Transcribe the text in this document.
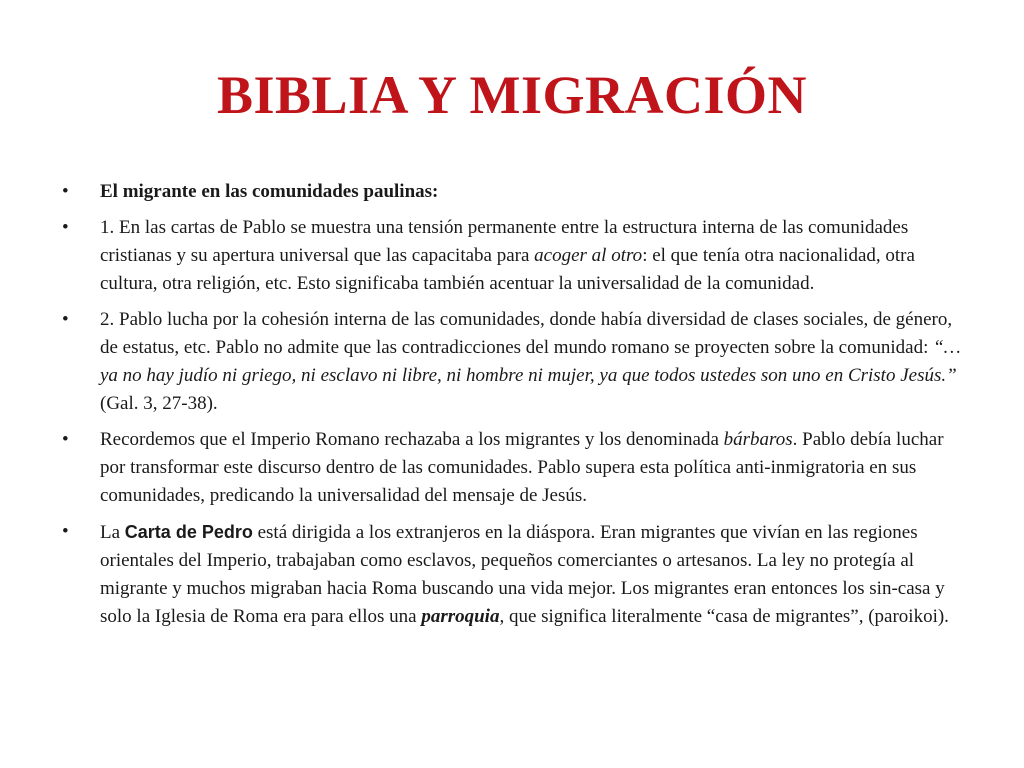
BIBLIA Y MIGRACIÓN
•	El migrante en las comunidades paulinas:
•	1. En las cartas de Pablo se muestra una tensión permanente entre la estructura interna de las comunidades cristianas y su apertura universal que las capacitaba para acoger al otro: el que tenía otra nacionalidad, otra cultura, otra religión, etc. Esto significaba también acentuar la universalidad de la comunidad.
•	2. Pablo lucha por la cohesión interna de las comunidades, donde había diversidad de clases sociales, de género, de estatus, etc. Pablo no admite que las contradicciones del mundo romano se proyecten sobre la comunidad: “… ya no hay judío ni griego, ni esclavo ni libre, ni hombre ni mujer, ya que todos ustedes son uno en Cristo Jesús.” (Gal. 3, 27-38).
•	Recordemos que el Imperio Romano rechazaba a los migrantes y los denominada bárbaros. Pablo debía luchar por transformar este discurso dentro de las comunidades. Pablo supera esta política anti-inmigratoria en sus comunidades, predicando la universalidad del mensaje de Jesús.
•	La Carta de Pedro está dirigida a los extranjeros en la diáspora. Eran migrantes que vivían en las regiones orientales del Imperio, trabajaban como esclavos, pequeños comerciantes o artesanos. La ley no protegía al migrante y muchos migraban hacia Roma buscando una vida mejor. Los migrantes eran entonces los sin-casa y solo la Iglesia de Roma era para ellos una parroquia, que significa literalmente “casa de migrantes”, (paroikoi).
